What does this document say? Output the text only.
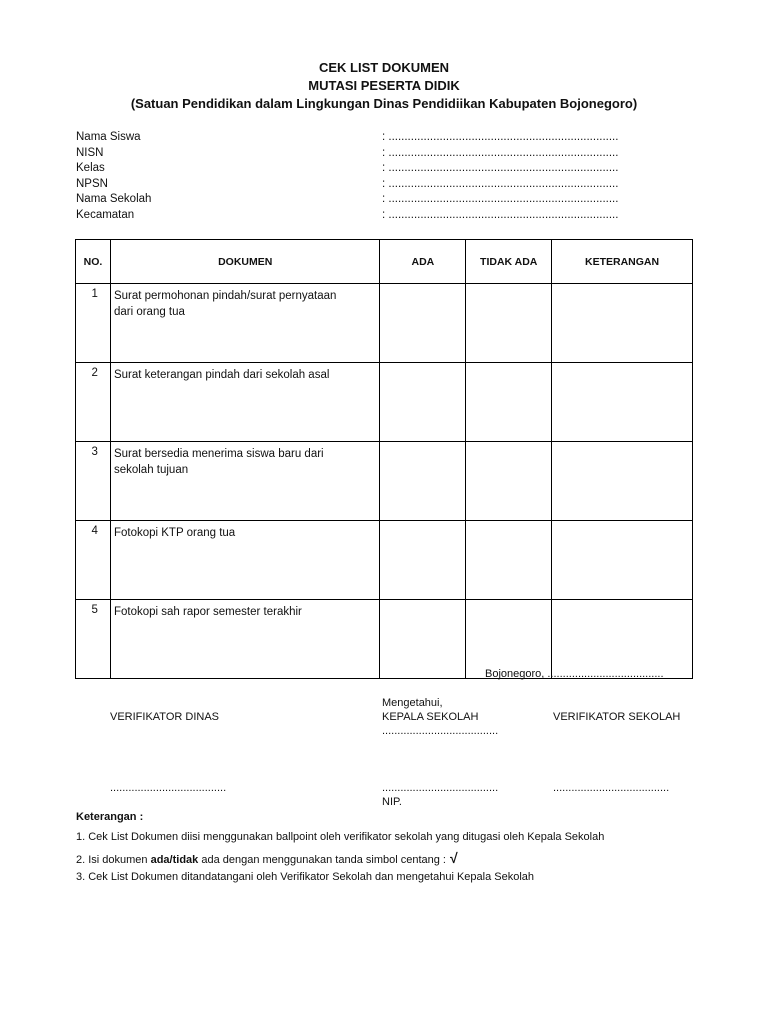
CEK LIST DOKUMEN
MUTASI PESERTA DIDIK
(Satuan Pendidikan dalam Lingkungan Dinas Pendidiikan Kabupaten Bojonegoro)
Nama Siswa	: ........................................................................
NISN	: ........................................................................
Kelas	: ........................................................................
NPSN	: ........................................................................
Nama Sekolah	: ........................................................................
Kecamatan	: ........................................................................
NO.	DOKUMEN	ADA	TIDAK ADA	KETERANGAN
1	Surat permohonan pindah/surat pernyataan
dari orang tua			

2	Surat keterangan pindah dari sekolah asal			

3	Surat bersedia menerima siswa baru dari
sekolah tujuan			

4	Fotokopi KTP orang tua			

5	Fotokopi sah rapor semester terakhir			

Bojonegoro, ......................................
Mengetahui,
VERIFIKATOR DINAS	KEPALA SEKOLAH	VERIFIKATOR SEKOLAH
......................................
......................................	......................................	......................................
NIP.
Keterangan :
1. Cek List Dokumen diisi menggunakan ballpoint oleh verifikator sekolah yang ditugasi oleh Kepala Sekolah
2. Isi dokumen ada/tidak ada dengan menggunakan tanda simbol centang : √
3. Cek List Dokumen ditandatangani oleh Verifikator Sekolah dan mengetahui Kepala Sekolah
